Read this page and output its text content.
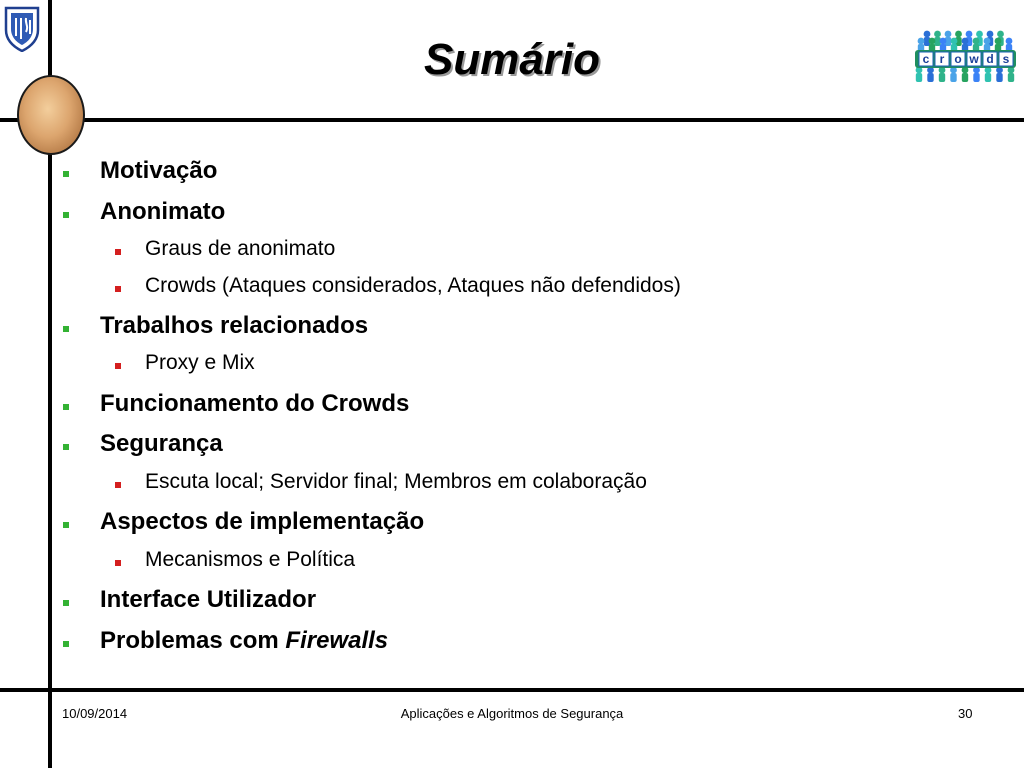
Sumário	c r o w d s
Motivação
Anonimato
Graus de anonimato
Crowds (Ataques considerados, Ataques não defendidos)
Trabalhos relacionados
Proxy e Mix
Funcionamento do Crowds
Segurança
Escuta local; Servidor final; Membros em colaboração
Aspectos de implementação
Mecanismos e Política
Interface Utilizador
Problemas com Firewalls
10/09/2014	Aplicações e Algoritmos de Segurança	30
